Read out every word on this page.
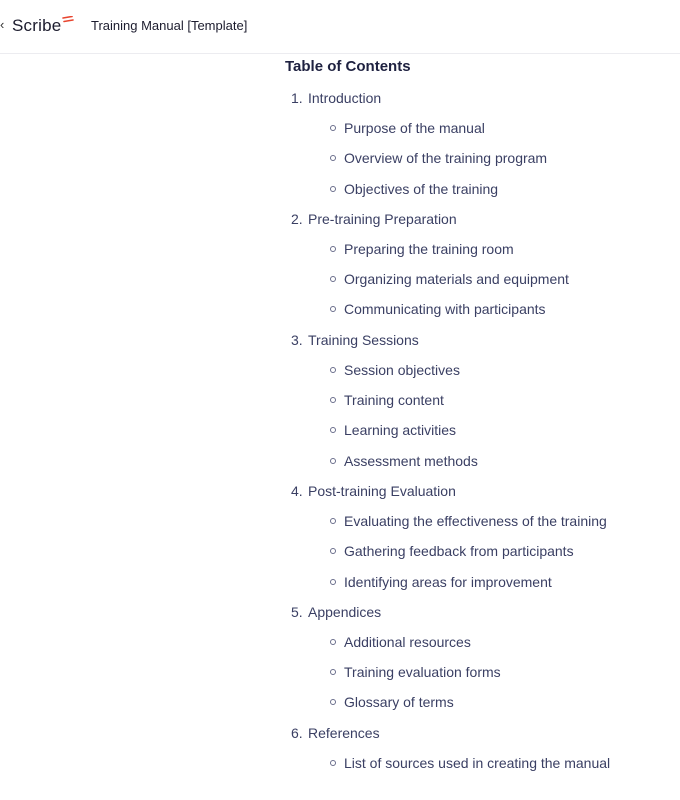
‹ Scribe Training Manual [Template]
Table of Contents
1. Introduction
Purpose of the manual
Overview of the training program
Objectives of the training
2. Pre-training Preparation
Preparing the training room
Organizing materials and equipment
Communicating with participants
3. Training Sessions
Session objectives
Training content
Learning activities
Assessment methods
4. Post-training Evaluation
Evaluating the effectiveness of the training
Gathering feedback from participants
Identifying areas for improvement
5. Appendices
Additional resources
Training evaluation forms
Glossary of terms
6. References
List of sources used in creating the manual
